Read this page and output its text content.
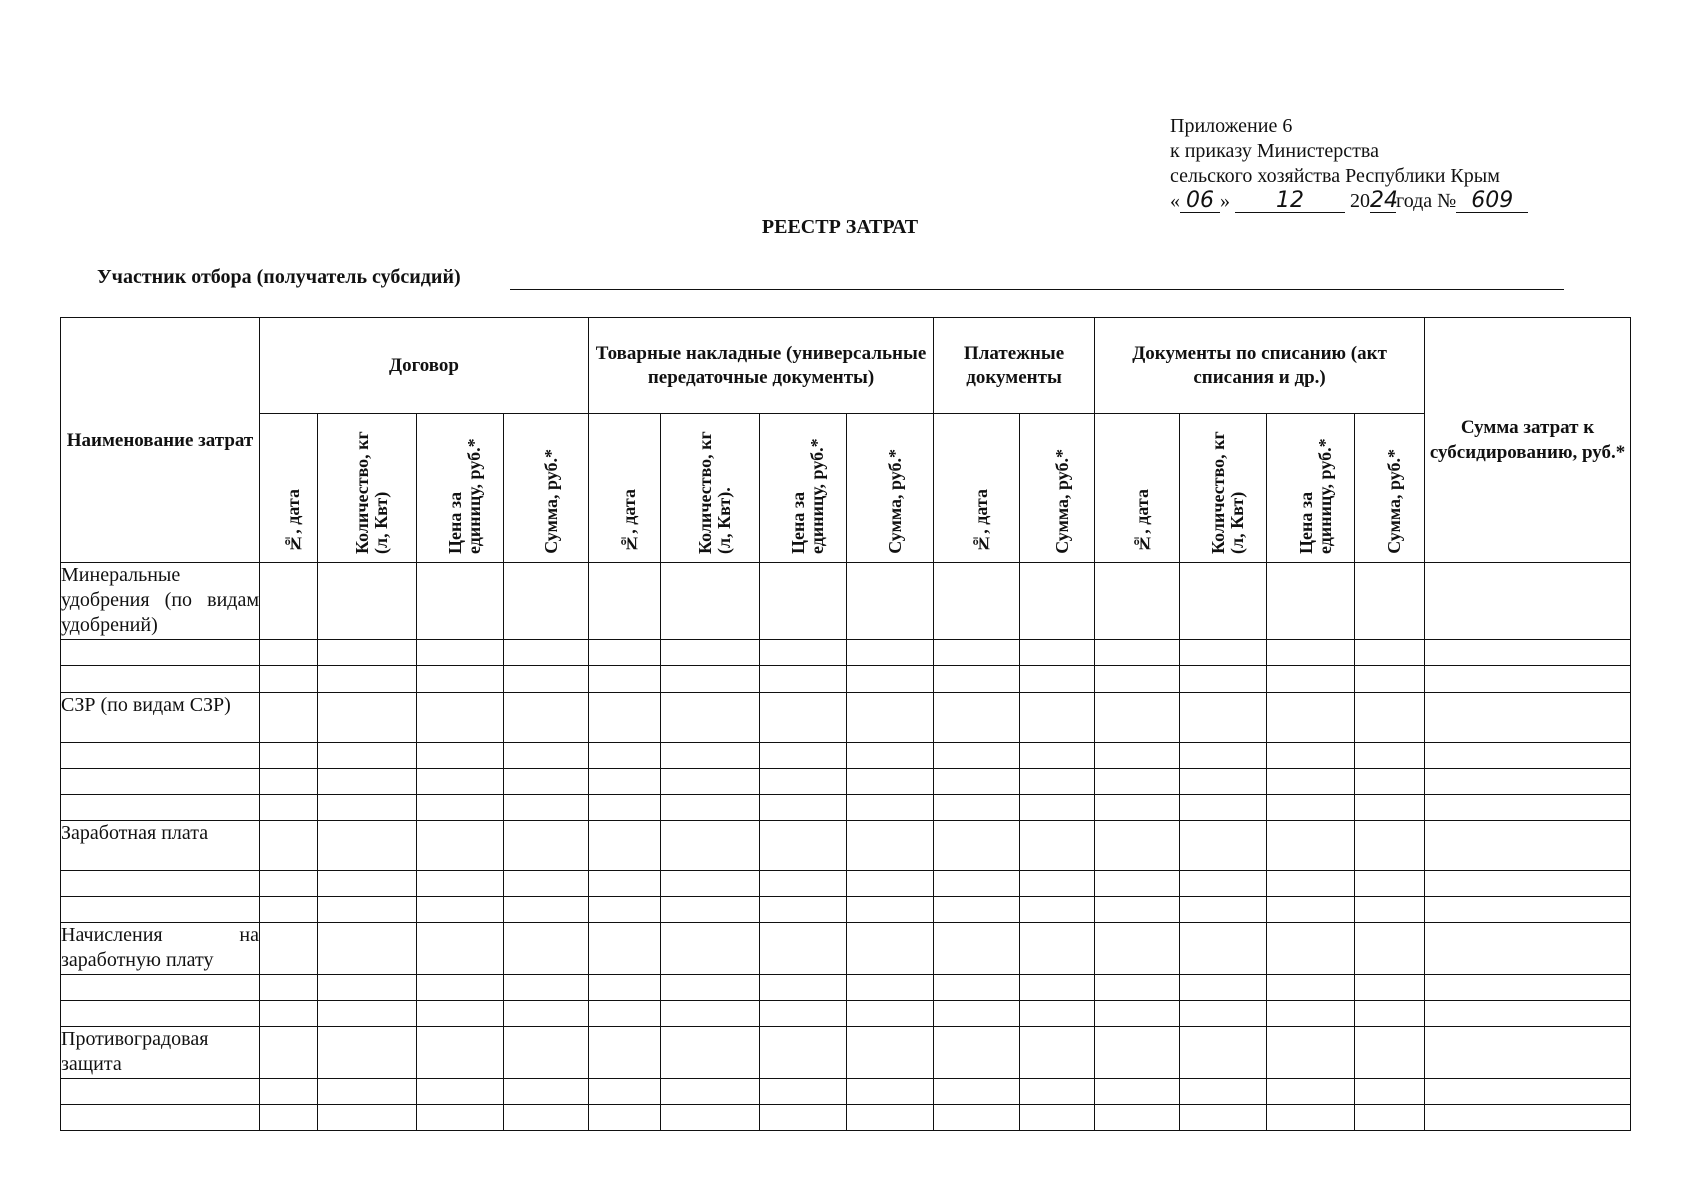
Приложение 6
к приказу Министерства
сельского хозяйства Республики Крым
« 06 » 12 2024года № 609
РЕЕСТР ЗАТРАТ
Участник отбора (получатель субсидий)
Наименование затрат	Договор				Товарные накладные (универсальные передаточные документы)				Платежные документы		Документы по списанию (акт списания и др.)				Сумма затрат к субсидированию, руб.*
	№, дата	Количество, кг (л, Квт)	Цена за единицу, руб.*	Сумма, руб.*	№, дата	Количество, кг (л, Квт).	Цена за единицу, руб.*	Сумма, руб.*	№, дата	Сумма, руб.*	№, дата	Количество, кг (л, Квт)	Цена за единицу, руб.*	Сумма, руб.*	
Минеральные удобрения (по видам удобрений)															

СЗР (по видам СЗР)															

Заработная плата															

Начисления на заработную плату															

Противоградовая защита															
